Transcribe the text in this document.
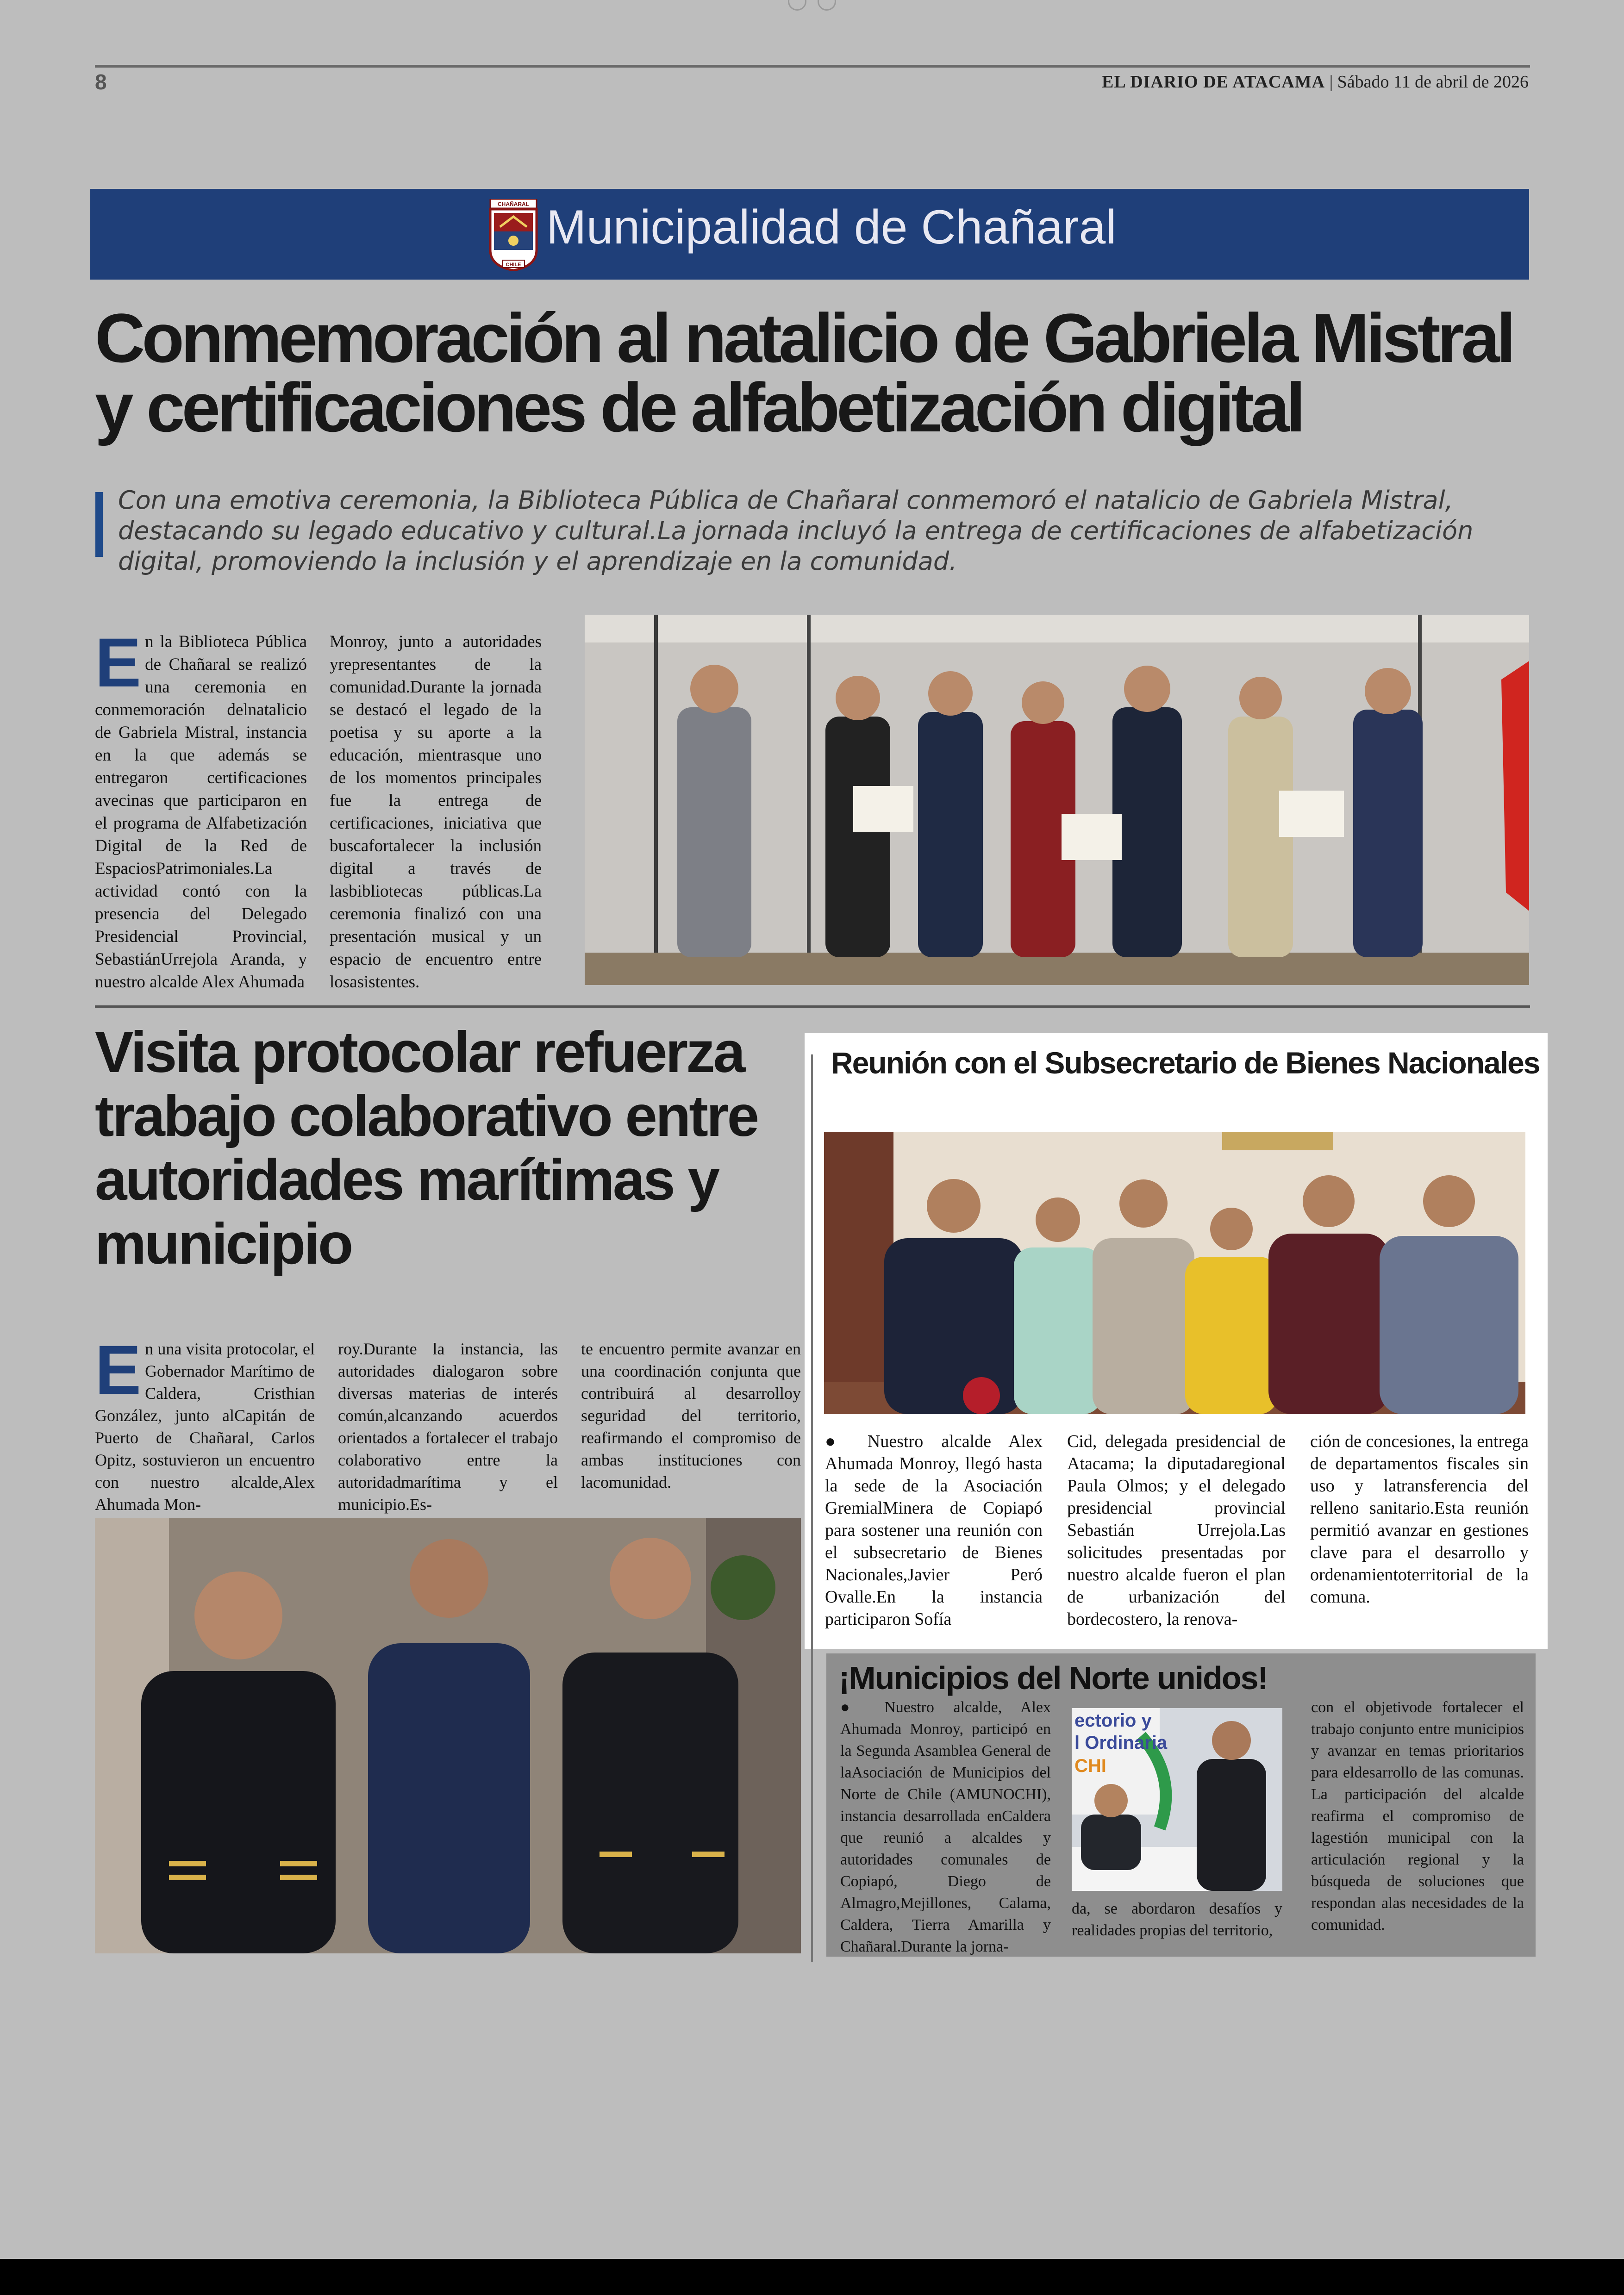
8	EL DIARIO DE ATACAMA | Sábado 11 de abril de 2026
CHAÑARAL
CHILE
Municipalidad de Chañaral
Conmemoración al natalicio de Gabriela Mistral
y certificaciones de alfabetización digital
Con una emotiva ceremonia, la Biblioteca Pública de Chañaral conmemoró el natalicio de Gabriela Mistral, destacando su legado educativo y cultural.La jornada incluyó la entrega de certificaciones de alfabetización digital, promoviendo la inclusión y el aprendizaje en la comunidad.
En la Biblioteca Pública de Chañaral se realizó una ceremonia en conmemoración delnatalicio de Gabriela Mistral, instancia en la que además se entregaron certificaciones avecinas que participaron en el programa de Alfabetización Digital de la Red de EspaciosPatrimoniales.La actividad contó con la presencia del Delegado Presidencial Provincial, SebastiánUrrejola Aranda, y nuestro alcalde Alex Ahumada
Monroy, junto a autoridades yrepresentantes de la comunidad.Durante la jornada se destacó el legado de la poetisa y su aporte a la educación, mientrasque uno de los momentos principales fue la entrega de certificaciones, iniciativa que buscafortalecer la inclusión digital a través de lasbibliotecas públicas.La ceremonia finalizó con una presentación musical y un espacio de encuentro entre losasistentes.
Visita protocolar refuerza
trabajo colaborativo entre
autoridades marítimas y
municipio
En una visita protocolar, el Gobernador Marítimo de Caldera, Cristhian González, junto alCapitán de Puerto de Chañaral, Carlos Opitz, sostuvieron un encuentro con nuestro alcalde,Alex Ahumada Mon-
roy.Durante la instancia, las autoridades dialogaron sobre diversas materias de interés común,alcanzando acuerdos orientados a fortalecer el trabajo colaborativo entre la autoridadmarítima y el municipio.Es-
te encuentro permite avanzar en una coordinación conjunta que contribuirá al desarrolloy seguridad del territorio, reafirmando el compromiso de ambas instituciones con lacomunidad.
Reunión con el Subsecretario de Bienes Nacionales
● Nuestro alcalde Alex Ahumada Monroy, llegó hasta la sede de la Asociación GremialMinera de Copiapó para sostener una reunión con el subsecretario de Bienes Nacionales,Javier Peró Ovalle.En la instancia participaron Sofía
Cid, delegada presidencial de Atacama; la diputadaregional Paula Olmos; y el delegado presidencial provincial Sebastián Urrejola.Las solicitudes presentadas por nuestro alcalde fueron el plan de urbanización del bordecostero, la renova-
ción de concesiones, la entrega de departamentos fiscales sin uso y latransferencia del relleno sanitario.Esta reunión permitió avanzar en gestiones clave para el desarrollo y ordenamientoterritorial de la comuna.
¡Municipios del Norte unidos!
● Nuestro alcalde, Alex Ahumada Monroy, participó en la Segunda Asamblea General de laAsociación de Municipios del Norte de Chile (AMUNOCHI), instancia desarrollada enCaldera que reunió a alcaldes y autoridades comunales de Copiapó, Diego de Almagro,Mejillones, Calama, Caldera, Tierra Amarilla y Chañaral.Durante la jorna-
ectorio y
l Ordinaria
CHI
da, se abordaron desafíos y realidades propias del territorio,
con el objetivode fortalecer el trabajo conjunto entre municipios y avanzar en temas prioritarios para eldesarrollo de las comunas. La participación del alcalde reafirma el compromiso de lagestión municipal con la articulación regional y la búsqueda de soluciones que respondan alas necesidades de la comunidad.
